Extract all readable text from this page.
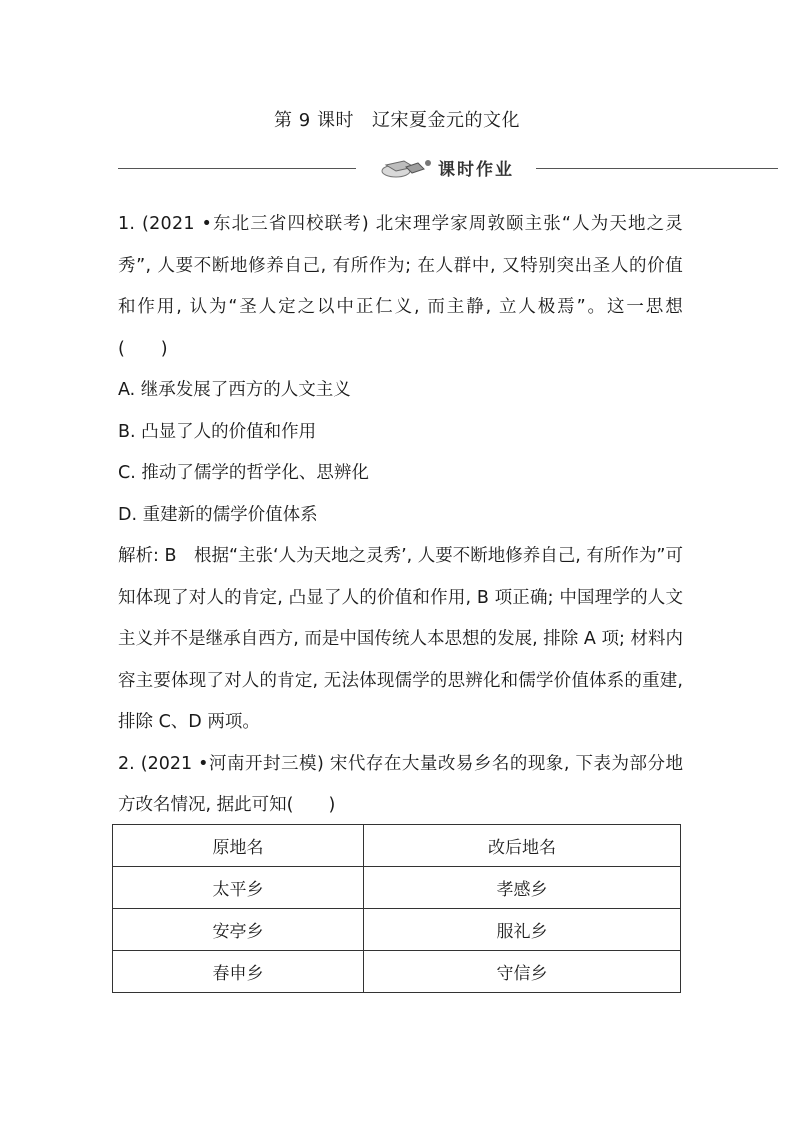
第 9 课时 辽宋夏金元的文化
课时作业

1. (2021 •东北三省四校联考) 北宋理学家周敦颐主张“人为天地之灵秀”, 人要不断地修养自己, 有所作为; 在人群中, 又特别突出圣人的价值和作用, 认为“圣人定之以中正仁义, 而主静, 立人极焉”。这一思想(　　)

A. 继承发展了西方的人文主义

B. 凸显了人的价值和作用

C. 推动了儒学的哲学化、思辨化

D. 重建新的儒学价值体系

解析: B　根据“主张‘人为天地之灵秀’, 人要不断地修养自己, 有所作为”可知体现了对人的肯定, 凸显了人的价值和作用, B 项正确; 中国理学的人文主义并不是继承自西方, 而是中国传统人本思想的发展, 排除 A 项; 材料内容主要体现了对人的肯定, 无法体现儒学的思辨化和儒学价值体系的重建, 排除 C、D 两项。

2. (2021 •河南开封三模) 宋代存在大量改易乡名的现象, 下表为部分地方改名情况, 据此可知(　　)

原地名	改后地名
太平乡	孝感乡
安亭乡	服礼乡
春申乡	守信乡
